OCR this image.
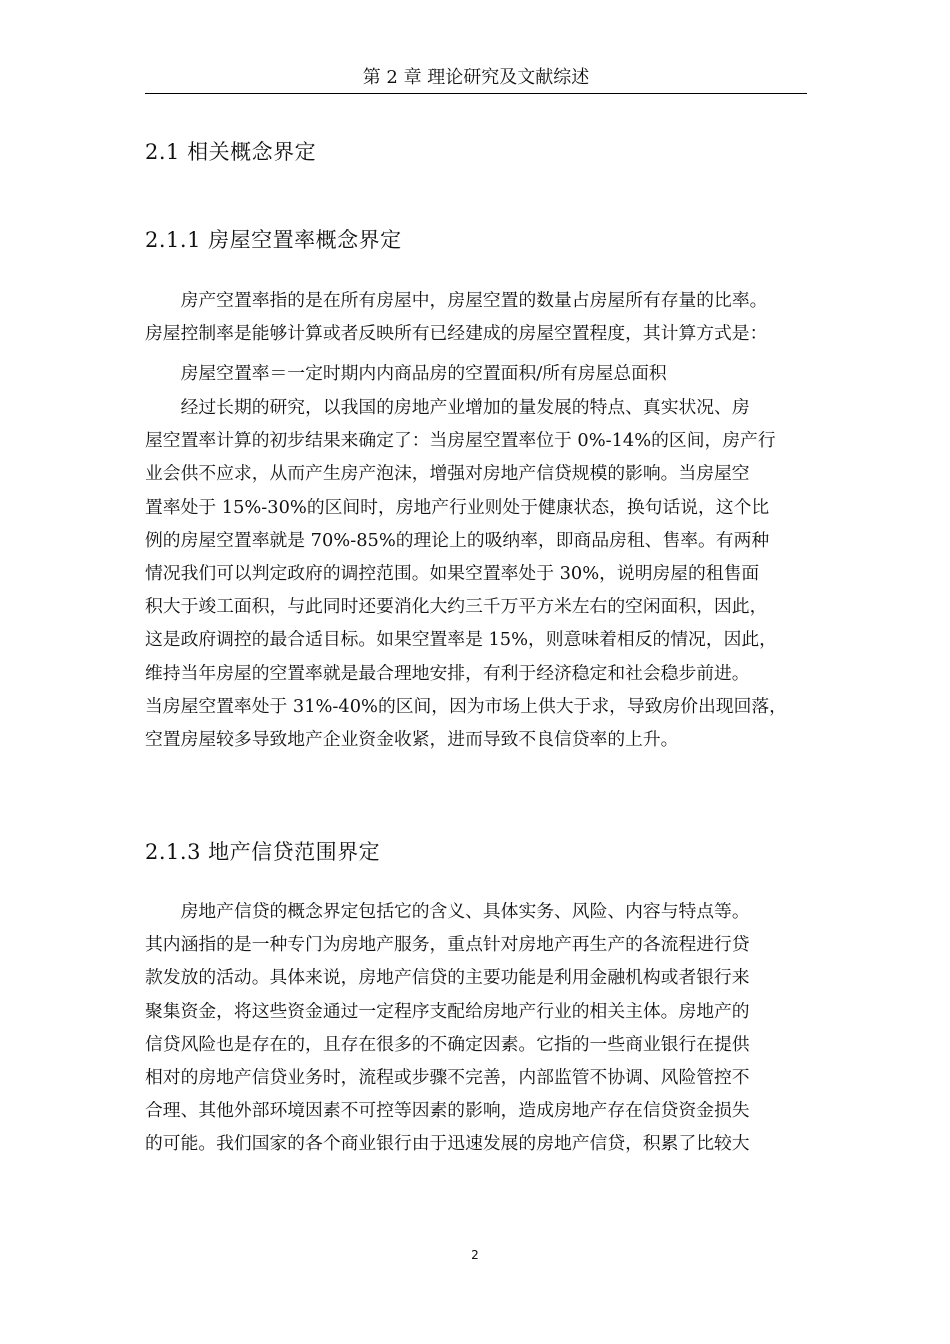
第 2 章 理论研究及文献综述
2.1 相关概念界定
2.1.1 房屋空置率概念界定
房产空置率指的是在所有房屋中，房屋空置的数量占房屋所有存量的比率。
房屋控制率是能够计算或者反映所有已经建成的房屋空置程度，其计算方式是：
房屋空置率＝一定时期内内商品房的空置面积/所有房屋总面积
经过长期的研究，以我国的房地产业增加的量发展的特点、真实状况、房
屋空置率计算的初步结果来确定了：当房屋空置率位于 0%-14%的区间，房产行
业会供不应求，从而产生房产泡沫，增强对房地产信贷规模的影响。当房屋空
置率处于 15%-30%的区间时，房地产行业则处于健康状态，换句话说，这个比
例的房屋空置率就是 70%-85%的理论上的吸纳率，即商品房租、售率。有两种
情况我们可以判定政府的调控范围。如果空置率处于 30%，说明房屋的租售面
积大于竣工面积，与此同时还要消化大约三千万平方米左右的空闲面积，因此，
这是政府调控的最合适目标。如果空置率是 15%，则意味着相反的情况，因此，
维持当年房屋的空置率就是最合理地安排，有利于经济稳定和社会稳步前进。
当房屋空置率处于 31%-40%的区间，因为市场上供大于求，导致房价出现回落，
空置房屋较多导致地产企业资金收紧，进而导致不良信贷率的上升。
2.1.3 地产信贷范围界定
房地产信贷的概念界定包括它的含义、具体实务、风险、内容与特点等。
其内涵指的是一种专门为房地产服务，重点针对房地产再生产的各流程进行贷
款发放的活动。具体来说，房地产信贷的主要功能是利用金融机构或者银行来
聚集资金，将这些资金通过一定程序支配给房地产行业的相关主体。房地产的
信贷风险也是存在的，且存在很多的不确定因素。它指的一些商业银行在提供
相对的房地产信贷业务时，流程或步骤不完善，内部监管不协调、风险管控不
合理、其他外部环境因素不可控等因素的影响，造成房地产存在信贷资金损失
的可能。我们国家的各个商业银行由于迅速发展的房地产信贷，积累了比较大
2
